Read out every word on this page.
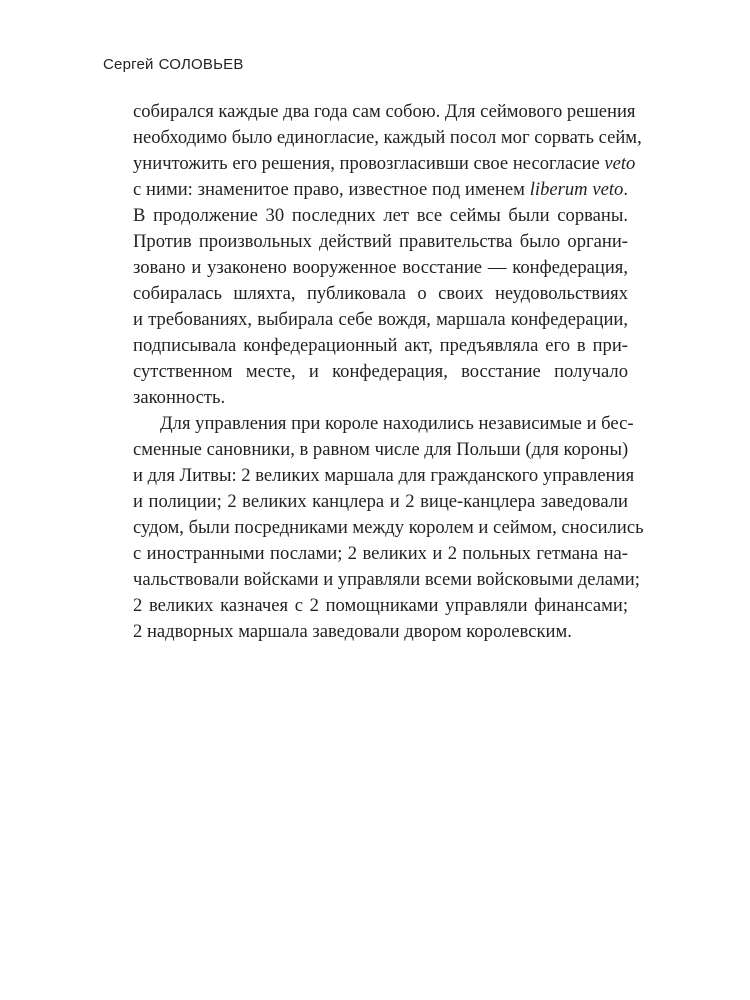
Сергей СОЛОВЬЕВ
собирался каждые два года сам собою. Для сеймового решения
необходимо было единогласие, каждый посол мог сорвать сейм,
уничтожить его решения, провозгласивши свое несогласие veto
с ними: знаменитое право, известное под именем liberum veto.
В продолжение 30 последних лет все сеймы были сорваны.
Против произвольных действий правительства было органи-
зовано и узаконено вооруженное восстание — конфедерация,
собиралась шляхта, публиковала о своих неудовольствиях
и требованиях, выбирала себе вождя, маршала конфедерации,
подписывала конфедерационный акт, предъявляла его в при-
сутственном месте, и конфедерация, восстание получало
законность.
Для управления при короле находились независимые и бес-
сменные сановники, в равном числе для Польши (для короны)
и для Литвы: 2 великих маршала для гражданского управления
и полиции; 2 великих канцлера и 2 вице-канцлера заведовали
судом, были посредниками между королем и сеймом, сносились
с иностранными послами; 2 великих и 2 польных гетмана на-
чальствовали войсками и управляли всеми войсковыми делами;
2 великих казначея с 2 помощниками управляли финансами;
2 надворных маршала заведовали двором королевским.
